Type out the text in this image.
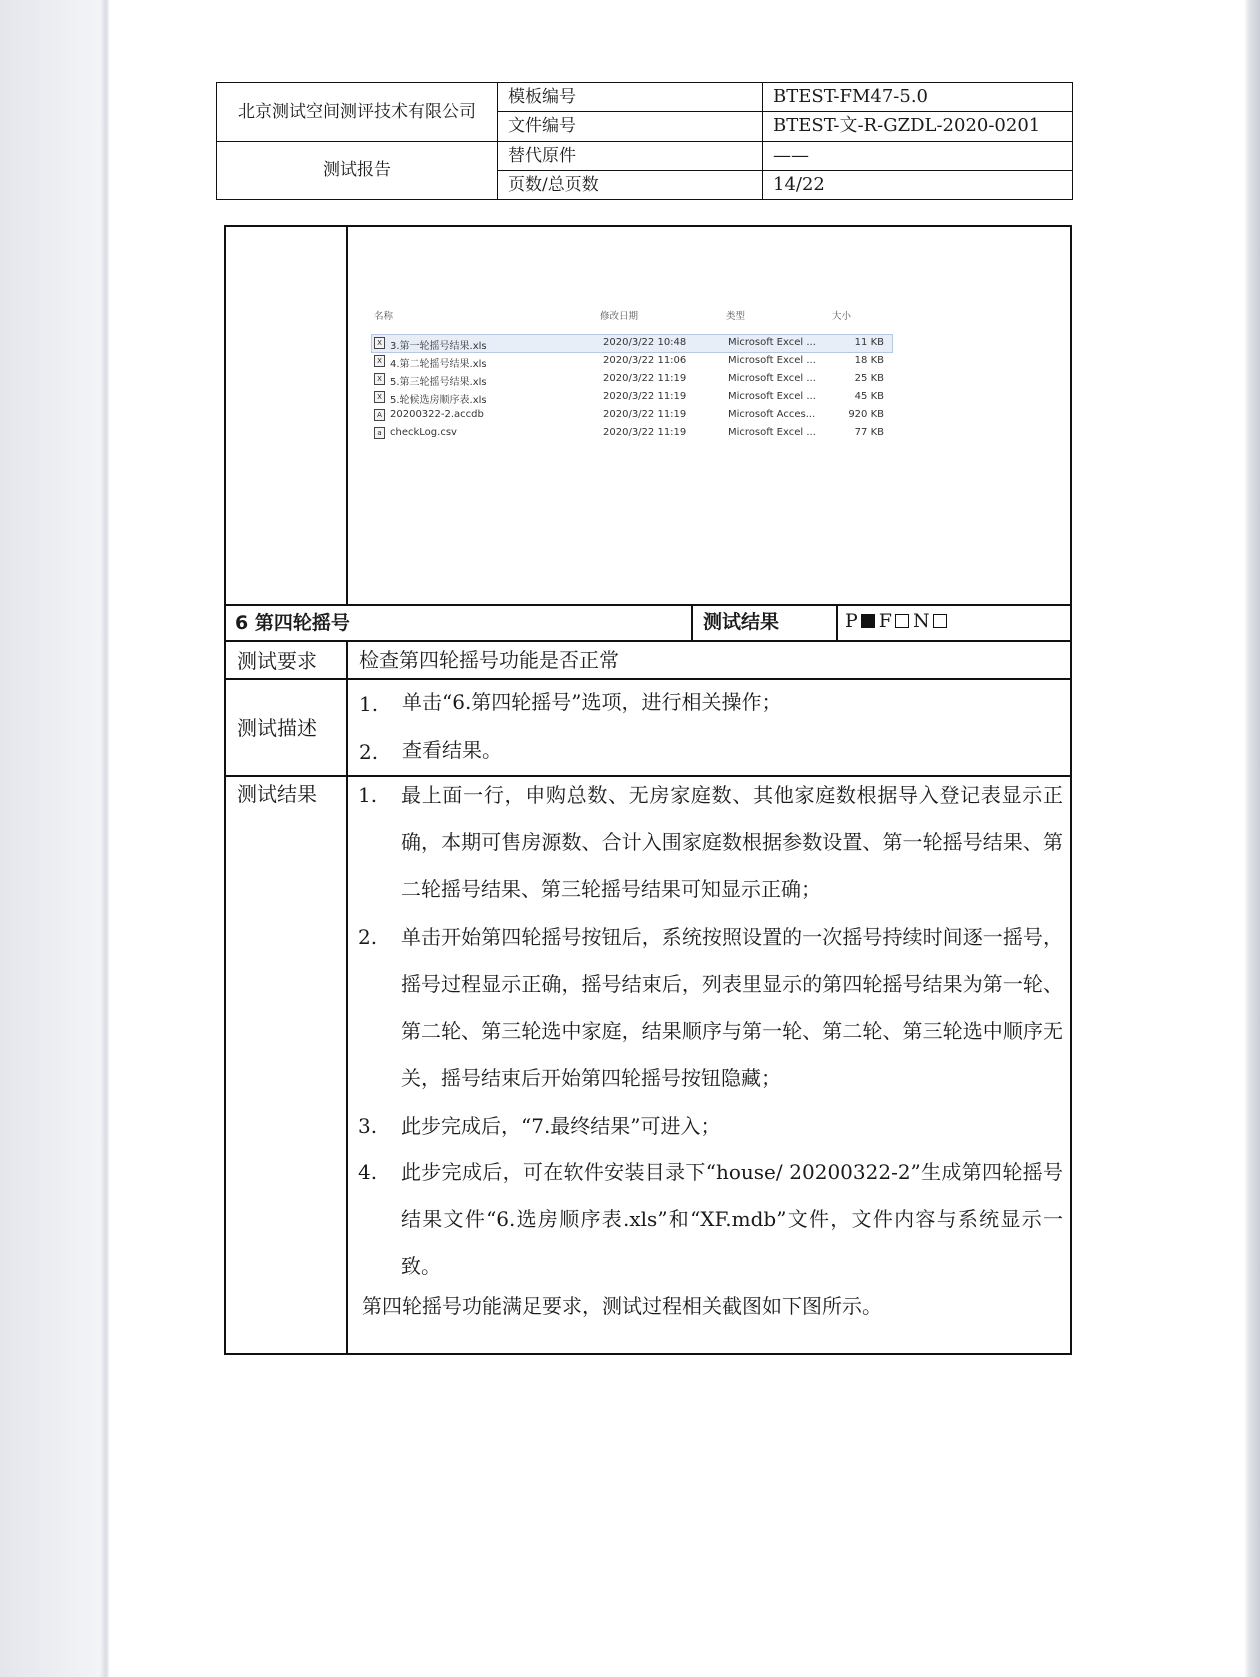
北京测试空间测评技术有限公司	模板编号	BTEST-FM47-5.0
	文件编号	BTEST-文-R-GZDL-2020-0201
测试报告	替代原件	——
	页数/总页数	14/22
名称	修改日期	类型	大小
X 3.第一轮摇号结果.xls	2020/3/22 10:48	Microsoft Excel ...	11 KB
X 4.第二轮摇号结果.xls	2020/3/22 11:06	Microsoft Excel ...	18 KB
X 5.第三轮摇号结果.xls	2020/3/22 11:19	Microsoft Excel ...	25 KB
X 5.轮候选房顺序表.xls	2020/3/22 11:19	Microsoft Excel ...	45 KB
A 20200322-2.accdb	2020/3/22 11:19	Microsoft Acces...	920 KB
a checkLog.csv	2020/3/22 11:19	Microsoft Excel ...	77 KB
6 第四轮摇号	测试结果	P F N
测试要求 检查第四轮摇号功能是否正常
测试描述
1. 单击“6.第四轮摇号”选项，进行相关操作；
2. 查看结果。
测试结果 1. 最上面一行，申购总数、无房家庭数、其他家庭数根据导入登记表显示正确，本期可售房源数、合计入围家庭数根据参数设置、第一轮摇号结果、第二轮摇号结果、第三轮摇号结果可知显示正确；
2. 单击开始第四轮摇号按钮后，系统按照设置的一次摇号持续时间逐一摇号，摇号过程显示正确，摇号结束后，列表里显示的第四轮摇号结果为第一轮、第二轮、第三轮选中家庭，结果顺序与第一轮、第二轮、第三轮选中顺序无关，摇号结束后开始第四轮摇号按钮隐藏；
3. 此步完成后，“7.最终结果”可进入；
4. 此步完成后，可在软件安装目录下“house/ 20200322-2”生成第四轮摇号结果文件“6.选房顺序表.xls”和“XF.mdb”文件，文件内容与系统显示一致。
第四轮摇号功能满足要求，测试过程相关截图如下图所示。
